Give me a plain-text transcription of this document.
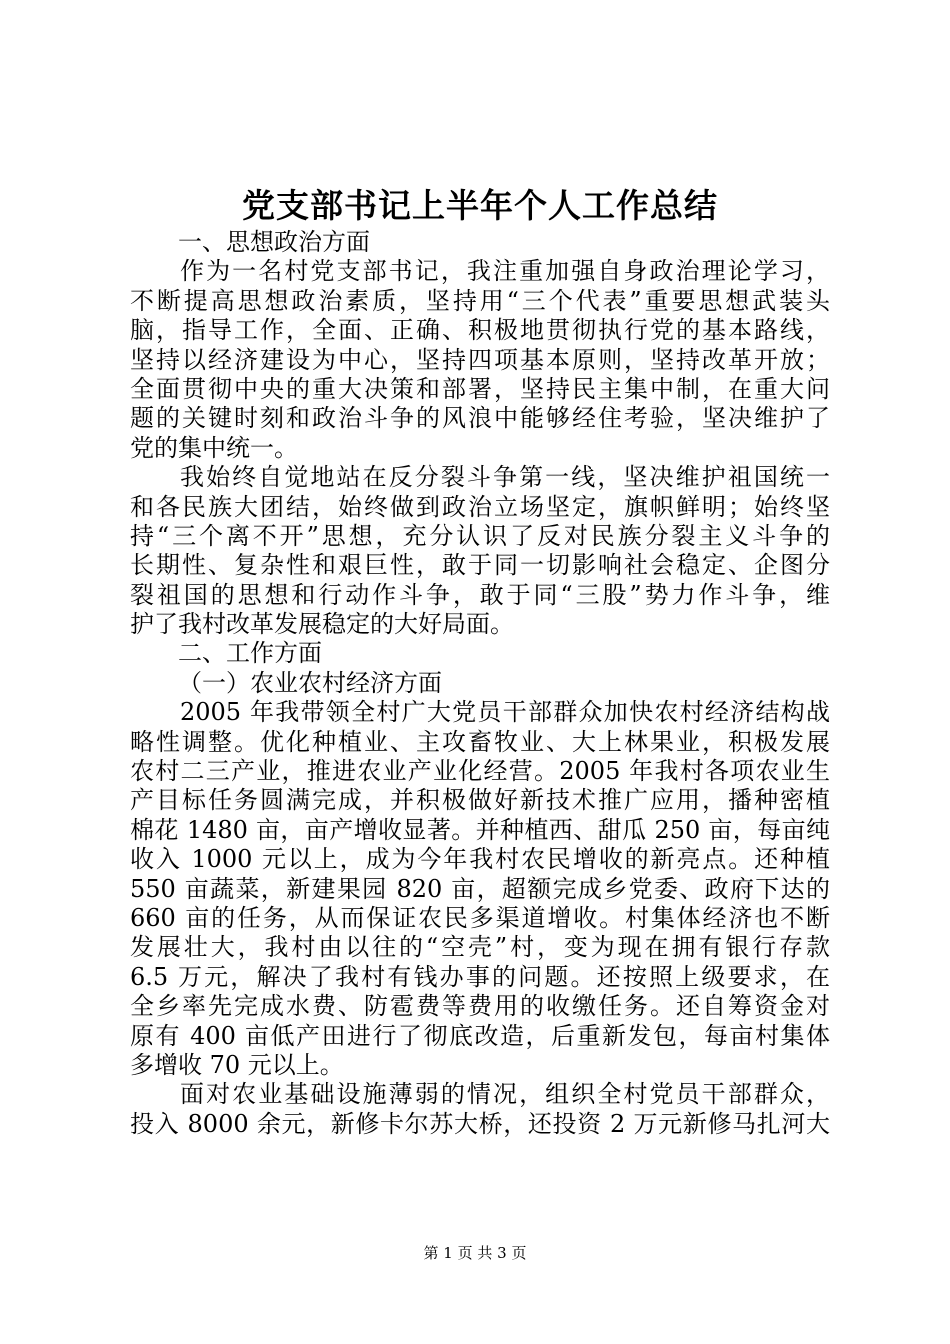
党支部书记上半年个人工作总结
一、思想政治方面
作为一名村党支部书记，我注重加强自身政治理论学习，
不断提高思想政治素质，坚持用“三个代表”重要思想武装头
脑，指导工作，全面、正确、积极地贯彻执行党的基本路线，
坚持以经济建设为中心，坚持四项基本原则，坚持改革开放；
全面贯彻中央的重大决策和部署，坚持民主集中制，在重大问
题的关键时刻和政治斗争的风浪中能够经住考验，坚决维护了
党的集中统一。
我始终自觉地站在反分裂斗争第一线，坚决维护祖国统一
和各民族大团结，始终做到政治立场坚定，旗帜鲜明；始终坚
持“三个离不开”思想，充分认识了反对民族分裂主义斗争的
长期性、复杂性和艰巨性，敢于同一切影响社会稳定、企图分
裂祖国的思想和行动作斗争，敢于同“三股”势力作斗争，维
护了我村改革发展稳定的大好局面。
二、工作方面
（一）农业农村经济方面
2005 年我带领全村广大党员干部群众加快农村经济结构战
略性调整。优化种植业、主攻畜牧业、大上林果业，积极发展
农村二三产业，推进农业产业化经营。2005 年我村各项农业生
产目标任务圆满完成，并积极做好新技术推广应用，播种密植
棉花 1480 亩，亩产增收显著。并种植西、甜瓜 250 亩，每亩纯
收入 1000 元以上，成为今年我村农民增收的新亮点。还种植
550 亩蔬菜，新建果园 820 亩，超额完成乡党委、政府下达的
660 亩的任务，从而保证农民多渠道增收。村集体经济也不断
发展壮大，我村由以往的“空壳”村，变为现在拥有银行存款
6.5 万元，解决了我村有钱办事的问题。还按照上级要求，在
全乡率先完成水费、防雹费等费用的收缴任务。还自筹资金对
原有 400 亩低产田进行了彻底改造，后重新发包，每亩村集体
多增收 70 元以上。
面对农业基础设施薄弱的情况，组织全村党员干部群众，
投入 8000 余元，新修卡尔苏大桥，还投资 2 万元新修马扎河大
第 1 页 共 3 页
